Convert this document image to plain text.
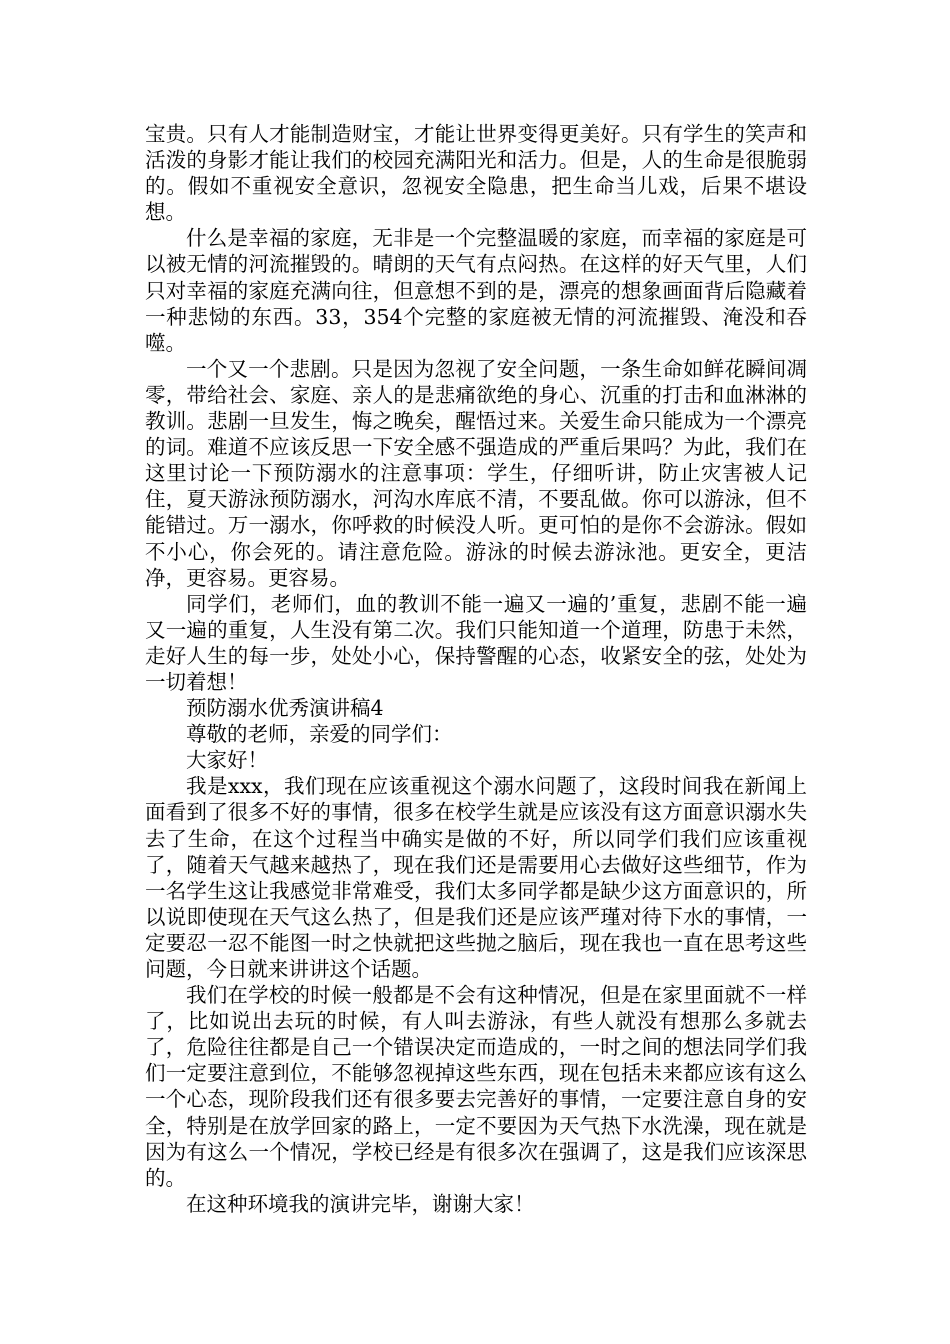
宝贵。只有人才能制造财宝，才能让世界变得更美好。只有学生的笑声和活泼的身影才能让我们的校园充满阳光和活力。但是，人的生命是很脆弱的。假如不重视安全意识，忽视安全隐患，把生命当儿戏，后果不堪设想。

什么是幸福的家庭，无非是一个完整温暖的家庭，而幸福的家庭是可以被无情的河流摧毁的。晴朗的天气有点闷热。在这样的好天气里，人们只对幸福的家庭充满向往，但意想不到的是，漂亮的想象画面背后隐藏着一种悲恸的东西。33，354个完整的家庭被无情的河流摧毁、淹没和吞噬。

一个又一个悲剧。只是因为忽视了安全问题，一条生命如鲜花瞬间凋零，带给社会、家庭、亲人的是悲痛欲绝的身心、沉重的打击和血淋淋的教训。悲剧一旦发生，悔之晚矣，醒悟过来。关爱生命只能成为一个漂亮的词。难道不应该反思一下安全感不强造成的严重后果吗？为此，我们在这里讨论一下预防溺水的注意事项：学生，仔细听讲，防止灾害被人记住，夏天游泳预防溺水，河沟水库底不清，不要乱做。你可以游泳，但不能错过。万一溺水，你呼救的时候没人听。更可怕的是你不会游泳。假如不小心，你会死的。请注意危险。游泳的时候去游泳池。更安全，更洁净，更容易。更容易。

同学们，老师们，血的教训不能一遍又一遍的’重复，悲剧不能一遍又一遍的重复，人生没有第二次。我们只能知道一个道理，防患于未然，走好人生的每一步，处处小心，保持警醒的心态，收紧安全的弦，处处为一切着想！

预防溺水优秀演讲稿4

尊敬的老师，亲爱的同学们：

大家好！

我是xxx，我们现在应该重视这个溺水问题了，这段时间我在新闻上面看到了很多不好的事情，很多在校学生就是应该没有这方面意识溺水失去了生命，在这个过程当中确实是做的不好，所以同学们我们应该重视了，随着天气越来越热了，现在我们还是需要用心去做好这些细节，作为一名学生这让我感觉非常难受，我们太多同学都是缺少这方面意识的，所以说即使现在天气这么热了，但是我们还是应该严瑾对待下水的事情，一定要忍一忍不能图一时之快就把这些抛之脑后，现在我也一直在思考这些问题，今日就来讲讲这个话题。

我们在学校的时候一般都是不会有这种情况，但是在家里面就不一样了，比如说出去玩的时候，有人叫去游泳，有些人就没有想那么多就去了，危险往往都是自己一个错误决定而造成的，一时之间的想法同学们我们一定要注意到位，不能够忽视掉这些东西，现在包括未来都应该有这么一个心态，现阶段我们还有很多要去完善好的事情，一定要注意自身的安全，特别是在放学回家的路上，一定不要因为天气热下水洗澡，现在就是因为有这么一个情况，学校已经是有很多次在强调了，这是我们应该深思的。

在这种环境我的演讲完毕，谢谢大家！
